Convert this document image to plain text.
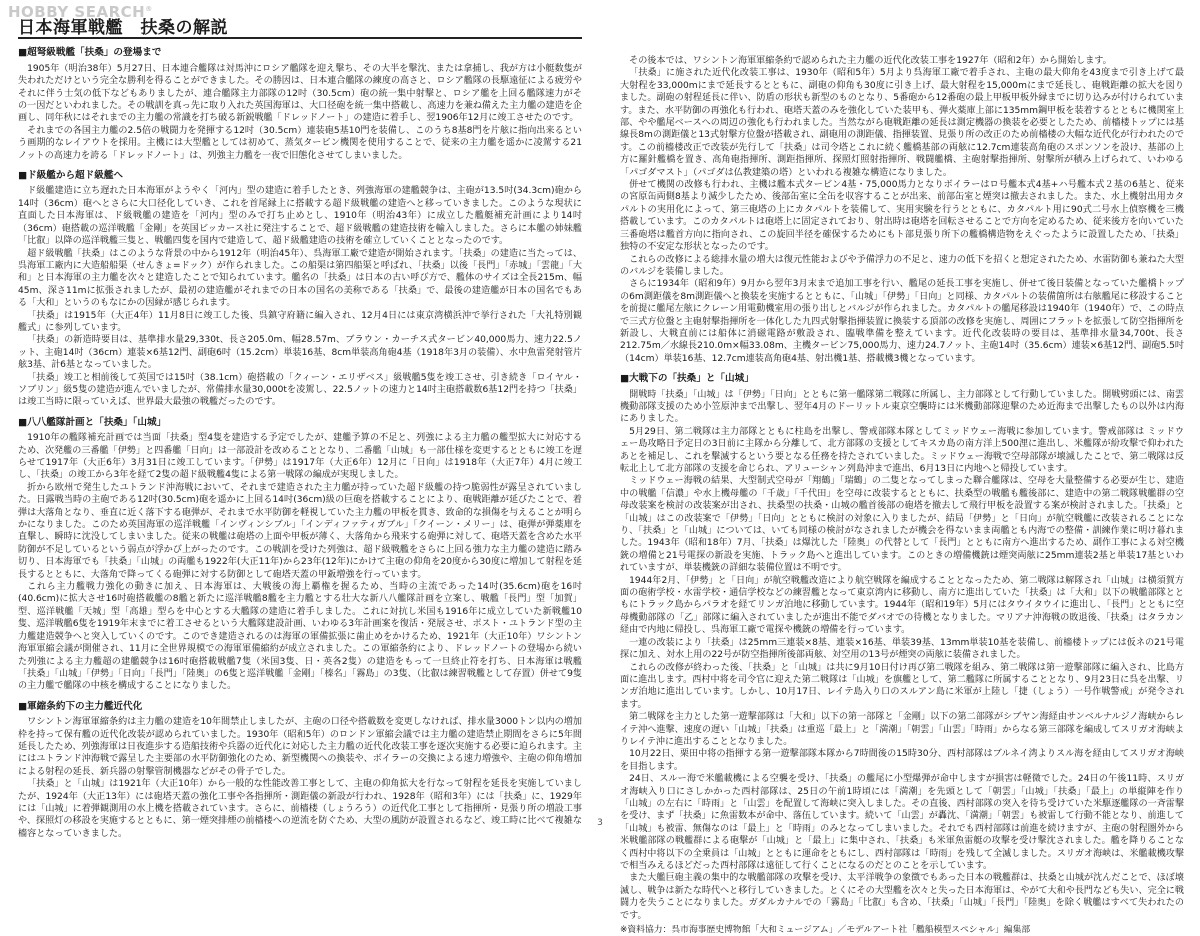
HOBBY SEARCH®
日本海軍戦艦　扶桑の解説
■超弩級戦艦「扶桑」の登場まで

1905年（明治38年）5月27日、日本連合艦隊は対馬沖にロシア艦隊を迎え撃ち、その大半を撃沈、または拿捕し、我が方は小艇数隻が失われただけという完全な勝利を得ることができました。その勝因は、日本連合艦隊の練度の高さと、ロシア艦隊の長駆遠征による疲労やそれに伴う士気の低下などもありましたが、連合艦隊主力部隊の12吋（30.5cm）砲の統一集中射撃と、ロシア艦を上回る艦隊速力がその一因だといわれました。その戦訓を真っ先に取り入れた英国海軍は、大口径砲を統一集中搭載し、高速力を兼ね備えた主力艦の建造を企画し、同年秋にはそれまでの主力艦の常識を打ち破る新鋭戦艦「ドレッドノート」の建造に着手し、翌1906年12月に竣工させたのです。

それまでの各国主力艦の2.5倍の戦闘力を発揮する12吋（30.5cm）連装砲5基10門を装備し、このうち8基8門を片舷に指向出来るという画期的なレイアウトを採用。主機には大型艦としては初めて、蒸気タービン機関を使用することで、従来の主力艦を遥かに凌駕する21ノットの高速力を誇る「ドレッドノート」は、列強主力艦を一夜で旧態化させてしまいました。

■ド級艦から超ド級艦へ

ド級艦建造に立ち遅れた日本海軍がようやく「河内」型の建造に着手したとき、列強海軍の建艦競争は、主砲が13.5吋(34.3cm)砲から14吋（36cm）砲へとさらに大口径化していき、これを首尾縁上に搭載する超ド級戦艦の建造へと移っていきました。このような現状に直面した日本海軍は、ド級戦艦の建造を「河内」型のみで打ち止めとし、1910年（明治43年）に成立した艦艇補充計画により14吋（36cm）砲搭載の巡洋戦艦「金剛」を英国ビッカース社に発注することで、超ド級戦艦の建造技術を輸入しました。さらに本艦の姉妹艦「比叡」以降の巡洋戦艦三隻と、戦艦四隻を国内で建造して、超ド級艦建造の技術を確立していくこととなったのです。

超ド級戦艦「扶桑」はこのような背景の中から1912年（明治45年）、呉海軍工廠で建造が開始されます。「扶桑」の建造に当たっては、呉海軍工廠内に大造船船渠（せんきょ=ドック）が作られました。この船渠は第四船渠と呼ばれ、「扶桑」以後「長門」「赤城」「雲龍」「大和」と日本海軍の主力艦を次々と建造したことで知られています。艦名の「扶桑」は日本の古い呼び方で、艦体のサイズは全長215m、幅45m、深さ11mに拡張されましたが、最初の建造艦がそれまでの日本の国名の美称である「扶桑」で、最後の建造艦が日本の国名でもある「大和」というのもなにかの因縁が感じられます。

「扶桑」は1915年（大正4年）11月8日に竣工した後、呉鎮守府籍に編入され、12月4日には東京湾横浜沖で挙行された「大礼特別観艦式」に参列しています。

「扶桑」の新造時要目は、基準排水量29,330t、長さ205.0m、幅28.57m、ブラウン・カーチス式タービン40,000馬力、速力22.5ノット、主砲14吋（36cm）連装×6基12門、副砲6吋（15.2cm）単装16基、8cm単装高角砲4基（1918年3月の装備）、水中魚雷発射管片舷3基、計6基となっていました。

「扶桑」竣工と相前後して英国では15吋（38.1cm）砲搭載の「クィーン・エリザベス」級戦艦5隻を竣工させ、引き続き「ロイヤル・ソブリン」級5隻の建造が進んでいましたが、常備排水量30,000tを凌駕し、22.5ノットの速力と14吋主砲搭載数6基12門を持つ「扶桑」は竣工当時に限っていえば、世界最大最強の戦艦だったのです。

■八八艦隊計画と「扶桑」「山城」

1910年の艦隊補充計画では当面「扶桑」型4隻を建造する予定でしたが、建艦予算の不足と、列強による主力艦の艦型拡大に対応するため、次発艦の三番艦「伊勢」と四番艦「日向」は一部設計を改めることとなり、二番艦「山城」も一部仕様を変更するとともに竣工を遅らせて1917年（大正6年）3月31日に竣工しています。「伊勢」は1917年（大正6年）12月に「日向」は1918年（大正7年）4月に竣工し、「扶桑」の竣工から3年を経て2隻の超ド級戦艦4隻による第一戦隊の編成が実現しました。

折から欧州で発生したユトランド沖海戦において、それまで建造された主力艦が持っていた超ド級艦の持つ脆弱性が露呈されていました。日露戦当時の主砲である12吋(30.5cm)砲を遥かに上回る14吋(36cm)級の巨砲を搭載することにより、砲戦距離が延びたことで、着弾は大落角となり、垂直に近く落下する砲弾が、それまで水平防御を軽視していた主力艦の甲板を貫き、致命的な損傷を与えることが明らかになりました。このため英国海軍の巡洋戦艦「インヴィンシブル」「インディファティガブル」「クイーン・メリー」は、砲弾が弾薬庫を直撃し、瞬時に沈没してしまいました。従来の戦艦は砲塔の上面や甲板が薄く、大落角から飛来する砲弾に対して、砲塔天蓋を含めた水平防御が不足しているという弱点が浮かび上がったのです。この戦訓を受けた列強は、超ド級戦艦をさらに上回る強力な主力艦の建造に踏み切り、日本海軍でも「扶桑」「山城」の両艦も1922年(大正11年)から23年(12年)にかけて主砲の仰角を20度から30度に増加して射程を延長するとともに、大落角で降ってくる砲弾に対する防御として砲塔天蓋の甲鈑増強を行っています。

これら主力艦戦力強化の動きに加え、日本海軍は、大戦後の海上覇権を握るため、当時の主流であった14吋(35.6cm)砲を16吋(40.6cm)に拡大させ16吋砲搭載艦の8艦と新たに巡洋戦艦8艦を主力艦とする壮大な新八八艦隊計画を立案し、戦艦「長門」型「加賀」型、巡洋戦艦「天城」型「高雄」型らを中心とする大艦隊の建造に着手しました。これに対抗し米国も1916年に成立していた新戦艦10隻、巡洋戦艦6隻を1919年末までに着工させるという大艦隊建設計画、いわゆる3年計画案を復活・発展させ、ポスト・ユトランド型の主力艦建造競争へと突入していくのです。このでき建造されるのは海軍の軍備拡張に歯止めをかけるため、1921年（大正10年）ワシントン海軍軍縮会議が開催され、11月に全世界規模での海軍軍備縮約が成立されました。この軍縮条約により、ドレッドノートの登場から続いた列強による主力艦超の建艦競争は16吋砲搭載戦艦7隻（米国3隻、日・英各2隻）の建造をもって一旦終止符を打ち、日本海軍は戦艦「扶桑」「山城」「伊勢」「日向」「長門」「陸奥」の6隻と巡洋戦艦「金剛」「榛名」「霧島」の3隻、（比叡は練習戦艦として存置）併せて9隻の主力艦で艦隊の中核を構成することになりました。

■軍縮条約下の主力艦近代化

ワシントン海軍軍縮条約は主力艦の建造を10年間禁止しましたが、主砲の口径や搭載数を変更しなければ、排水量3000トン以内の増加枠を持って保有艦の近代化改装が認められていました。1930年（昭和5年）のロンドン軍縮会議では主力艦の建造禁止期間をさらに5年間延長したため、列強海軍は日夜進歩する造船技術や兵器の近代化に対応した主力艦の近代化改装工事を逐次実施する必要に迫られます。主にはユトランド沖海戦で露呈した主要部の水平防御強化のため、新型機関への換装や、ボイラーの交換による速力増強や、主砲の仰角増加による射程の延長、新兵器の射撃管制機器などがその骨子でした。

「扶桑」と「山城」は1921年（大正10年）から一般的な性能改善工事として、主砲の仰角拡大を行なって射程を延長を実施していましたが、1924年（大正13年）には砲塔天蓋の強化工事や各指揮所・測距儀の新設が行われ、1928年（昭和3年）には「扶桑」に、1929年には「山城」に着弾観測用の水上機を搭載されています。さらに、前檣楼（しょうろう）の近代化工事として指揮所・見張り所の増設工事や、探照灯の移設を実施するとともに、第一煙突排煙の前檣楼への逆流を防ぐため、大型の風防が設置されるなど、竣工時に比べて複雑な檣容となっていきました。

その後本では、ワシントン海軍軍縮条約で認められた主力艦の近代化改装工事を1927年（昭和2年）から開始します。

「扶桑」に施された近代化改装工事は、1930年（昭和5年）5月より呉海軍工廠で着手され、主砲の最大仰角を43度まで引き上げて最大射程を33,000mにまで延長するとともに、副砲の仰角も30度に引き上げ、最大射程を15,000mにまで延長し、砲戦距離の拡大を図りました。副砲の射程延長に伴い、防盾の形状も新型のものとなり、5番砲から12番砲の最上甲板甲板外縁までに切り込みが付けられています。また、水平防御の再強化も行われ、砲塔天蓋のみを強化していた装甲も、弾火薬庫上部に135mm鋼甲板を装着するとともに機関室上部、やや艦尾ベースへの周辺の強化も行われました。当然ながら砲戦距離の延長は測定機器の換装を必要としたため、前檣楼トップには基線長8mの測距儀と13式射撃方位盤が搭載され、副砲用の測距儀、指揮装置、見張り所の改正のため前檣楼の大幅な近代化が行われたのです。この前檣楼改正で改装が先行して「扶桑」は司令塔とこれに続く艦橋基部の両舷に12.7cm連装高角砲のスポンソンを設け、基部の上方に羅針艦橋を置き、高角砲指揮所、測距指揮所、探照灯照射指揮所、戦闘艦橋、主砲射撃指揮所、射撃所が積み上げられて、いわゆる「パゴダマスト」（パゴダは仏教建築の塔）といわれる複雑な構造になりました。

併せて機関の改修も行われ、主機は艦本式タービン4基・75,000馬力となりボイラーはロ号艦本式4基+ハ号艦本式２基の6基と、従来の宮原缶両側8基より減少したため、後部缶室に全缶を収容することが出来、前部缶室と煙突は撤去されました。また、水上機射出用カタパルトの実用化によって、第三砲塔の上にカタパルトを装備して、実用実験を行うとともに、カタパルト用に90式二号水上偵察機を三機搭載しています。このカタパルトは砲塔上に固定されており、射出時は砲塔を回転させることで方向を定めるため、従来後方を向いていた三番砲塔は艦首方向に指向され、この旋回半径を確保するためにもト部見張り所下の艦橋構造物をえぐったように設置したため、「扶桑」独特の不安定な形状となったのです。

これらの改修による総排水量の増大は復元性能およびや予備浮力の不足と、速力の低下を招くと想定されたため、水雷防御も兼ねた大型のバルジを装備しました。

さらに1934年（昭和9年）9月から翌年3月末まで追加工事を行い、艦尾の延長工事を実施し、併せて後日装備となっていた艦橋トップの6m測距儀を8m測距儀へと換装を実施するとともに、「山城」「伊勢」「日向」と同様、カタパルトの装備箇所は右舷艦尾に移設することを前提に艦尾左舷にクレーン用電動機室用の張り出しとバルジが作られました。カタパルトの艦尾移設は1940年（1940年）で、この時点で三式方位盤と主砲射撃指揮所を一体化した九四式射撃指揮装置に換装する頂部の改修を実施し、周囲にフラットを拡張して防空指揮所を新設し、大戦直前には船体に消磁電路が敷設され、臨戦準備を整えています。近代化改装時の要目は、基準排水量34,700t、長さ212.75m／水線長210.0m×幅33.08m、主機タービン75,000馬力、速力24.7ノット、主砲14吋（35.6cm）連装×6基12門、副砲5.5吋（14cm）単装16基、12.7cm連装高角砲4基、射出機1基、搭載機3機となっています。

■大戦下の「扶桑」と「山城」

開戦時「扶桑」「山城」は「伊勢」「日向」とともに第一艦隊第二戦隊に所属し、主力部隊として行動していました。開戦劈頭には、南雲機動部隊支援のため小笠原沖まで出撃し、翌年4月のドーリットル東京空襲時には米機動部隊迎撃のため近海まで出撃したもの以外は内海にありました。

5月29日、第二戦隊は主力部隊とともに柱島を出撃し、警戒部隊本隊としてミッドウェー海戦に参加しています。警戒部隊は ミッドウェー島攻略日予定日の3日前に主隊から分離して、北方部隊の支援としてキスカ島の南方洋上500浬に進出し、米艦隊が紛攻撃で仰われたあとを補足し、これを撃滅するという要となる任務を持たされていました。ミッドウェー海戦で空母部隊が壊滅したことで、第二戦隊は反転北上して北方部隊の支援を命じられ、アリューシャン列島沖まで進出、6月13日に内地へと帰投しています。

ミッドウェー海戦の結果、大型制式空母が「翔鶴」「瑞鶴」の二隻となってしまった聯合艦隊は、空母を大量整備する必要が生じ、建造中の戦艦「信濃」や水上機母艦の「千歳」「千代田」を空母に改装するとともに、扶桑型の戦艦も艦後部に、建造中の第二戦隊戦艦群の空母改装案を検討の改装案が出され、扶桑型の扶桑・山城の艦首後部の砲塔を撤去して飛行甲板を設置する案が検討されました。「扶桑」と「山城」はこの改装案で「伊勢」「日向」とともに検討の対象に入りましたが、結局「伊勢」と「日向」が航空戦艦に改装されることになり、「扶桑」と「山城」については、いても同様の検討がなされましたが機会を得ないまま両艦とも内海での整備・訓練作業に明け暮れました。1943年（昭和18年）7月、「扶桑」は爆沈した「陸奥」の代替として「長門」とともに南方へ進出するため、副作工事による対空機銃の増備と21号電探の新設を実施、トラック島へと進出しています。このときの増備機銃は煙突両舷に25mm連装2基と単装17基といわれていますが、単装機銃の詳細な装備位置は不明です。

1944年2月、「伊勢」と「日向」が航空戦艦改造により航空戦隊を編成することとなったため、第二戦隊は解隊され「山城」は横須賀方面の砲術学校・水雷学校・通信学校などの練習艦となって東京湾内に移動し、南方に進出していた「扶桑」は「大和」以下の戦艦部隊とともにトラック島からパラオを経てリンガ泊地に移動しています。1944年（昭和19年）5月にはタウイタウイに進出し、「長門」とともに空母機動部隊の「乙」部隊に編入されていましたが進出不能でダバオでの待機となりました。マリアナ沖海戦の敗退後、「扶桑」はタラカン経由で内地に帰投し、呉海軍工廠で電探や機銃の増備を行っています。

一連の改装により「扶桑」は25mm三連装×8基、連装×16基、単装39基、13mm単装10基を装備し、前檣楼トップには仮ネの21号電探に加え、対水上用の22号が防空指揮所後部両舷、対空用の13号が煙突の両舷に装備されました。

これらの改修が終わった後、「扶桑」と「山城」は共に9月10日付け再び第二戦隊を組み、第二戦隊は第一遊撃部隊に編入され、比島方面に進出します。西村中将を司令官に迎えた第二戦隊は「山城」を旗艦として、第二艦隊に所属することとなり、9月23日に呉を出撃、リンガ泊地に進出しています。しかし、10月17日、レイテ島入り口のスルアン島に米軍が上陸し「捷（しょう）一号作戦警戒」が発令されます。

第二戦隊を主力とした第一遊撃部隊は「大和」以下の第一部隊と「金剛」以下の第二部隊がシブヤン海経由サンベルナルジノ海峡からレイテ沖へ進撃、速度の遅い「山城」「扶桑」は重巡「最上」と「満潮」「朝雲」「山雲」「時雨」からなる第三部隊を編成してスリガオ海峡よりレイテ沖に進出することとなりました。

10月22日、栗田中将の指揮する第一遊撃部隊本隊から7時間後の15時30分、西村部隊はブルネイ湾よりスル海を経由してスリガオ海峡を目指します。

24日、スルー海で米艦載機による空襲を受け、「扶桑」の艦尾に小型爆弾が命中しますが損害は軽微でした。24日の午後11時、スリガオ海峡入り口にさしかかった西村部隊は、25日の午前1時頃には「満潮」を先頭として「朝雲」「山城」「扶桑」「最上」の単縦陣を作り「山城」の左右に「時雨」と「山雲」を配置して海峡に突入しました。その直後、西村部隊の突入を待ち受けていた米駆逐艦隊の一斉雷撃を受け、まず「扶桑」に魚雷数本が命中、落伍しています。続いて「山雲」が轟沈、「満潮」「朝雲」も被雷して行動不能となり、前進して「山城」も被雷、無傷なのは「最上」と「時雨」のみとなってしまいました。それでも西村部隊は前進を続けますが、主砲の射程圏外から米戦艦部隊の戦艦群による砲撃が「山城」と「最上」に集中され、「扶桑」も米軍魚雷艇の攻撃を受け撃沈されました。艦を降りることなく西村中将以下の全乗員は「山城」とともに運命をともにし、西村部隊は「時雨」を残して全滅しました。スリガオ海峡は、米艦載機攻撃で相当みえるほどだった西村部隊は遠征して行くことになるのだとのことを示しています。

また大艦巨砲主義の集中的な戦艦部隊の攻撃を受け、太平洋戦争の象徴でもあった日本の戦艦群は、扶桑と山城が沈んだことで、ほぼ壊滅し、戦争は新たな時代へと移行していきました。とくにその大型艦を次々と失った日本海軍は、やがて大和や長門なども失い、完全に戦闘力を失うことになりました。ガダルカナルでの「霧島」「比叡」も含め、「扶桑」「山城」「長門」「陸奥」を除く戦艦はすべて失われたのです。

※資料協力：呉市海事歴史博物館「大和ミュージアム」／モデルアート社「艦船模型スペシャル」編集部

3
